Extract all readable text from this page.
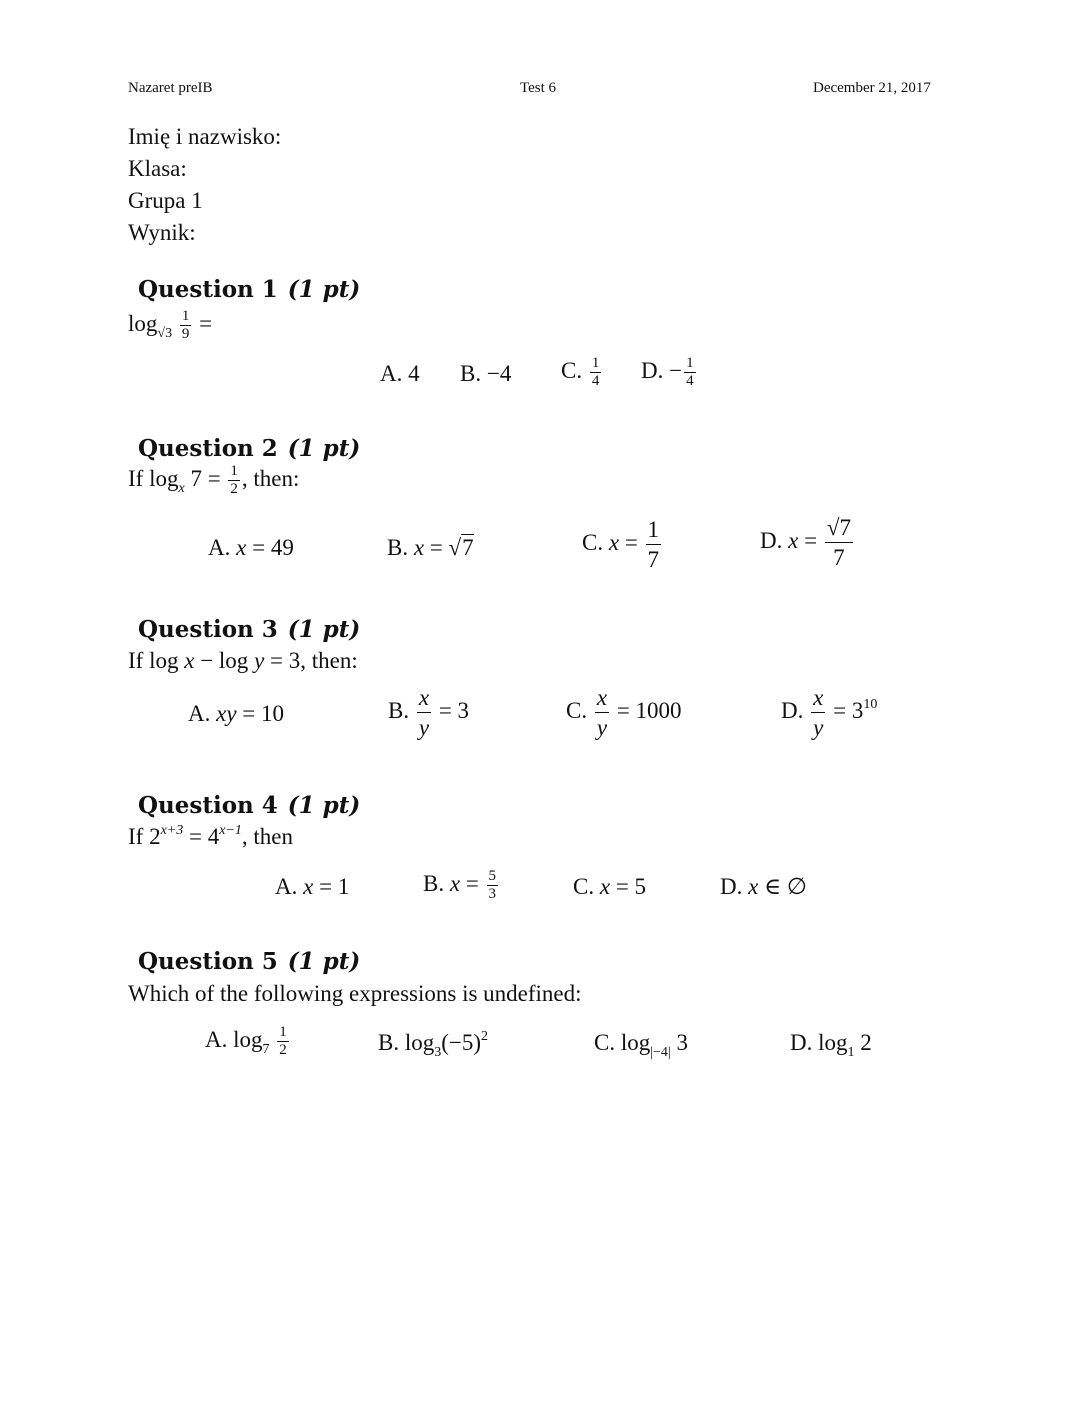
Nazaret preIB	Test 6	December 21, 2017
Imię i nazwisko:
Klasa:
Grupa 1
Wynik:
Question 1 (1 pt)
$\log_{√3} \frac{1}{9}$ =
A. 4 B. −4 C. $\frac{1}{4} D$. − $\frac{1}{4}$
Question 2 (1 pt)
If $\log_x 7 = \frac{1}{2}$ , then:
A. x = 49	B. x = √7	C. $x = \frac{1}{7}$	D. $x = \frac{√7}{7}$
Question 3 (1 pt)
If log x − log y = 3, then:
A. xy = 10	B. $\frac{x}{y} = 3$	C. $\frac{x}{y} = 1000$	D. $\frac{x}{y} = 3^{10}$
Question 4 (1 pt)
If $2^{x+3} = 4^{x-1}$, then
A. x = 1	B. $x = \frac{5}{3}$	C. x = 5	D. x ∈ ∅
Question 5 (1 pt)
Which of the following expressions is undefined:
A. $\log_7 \frac{1}{2}$	B. $\log_3(-5)^2$	C. $\log_{|-4|} 3$	D. $\log_1 2$
